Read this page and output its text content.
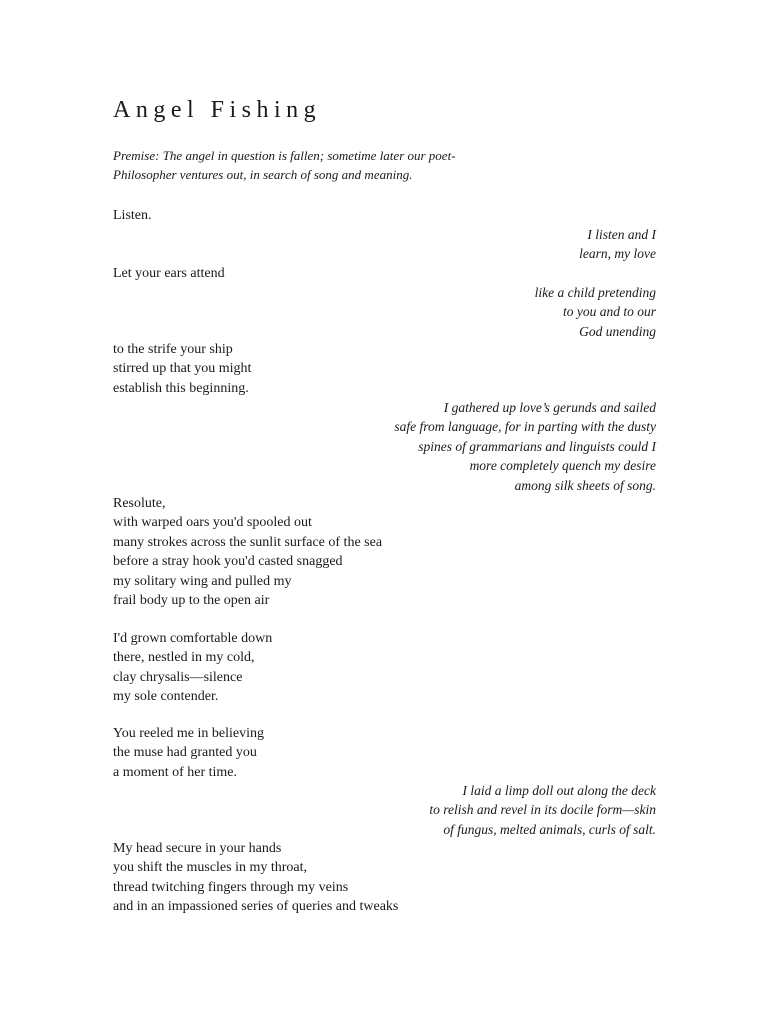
Angel Fishing
Premise: The angel in question is fallen; sometime later our poet-
Philosopher ventures out, in search of song and meaning.
Listen.
I listen and I
learn, my love
Let your ears attend
like a child pretending
to you and to our
God unending
to the strife your ship
stirred up that you might
establish this beginning.
I gathered up love’s gerunds and sailed
safe from language, for in parting with the dusty
spines of grammarians and linguists could I
more completely quench my desire
among silk sheets of song.
Resolute,
with warped oars you'd spooled out
many strokes across the sunlit surface of the sea
before a stray hook you'd casted snagged
my solitary wing and pulled my
frail body up to the open air
I'd grown comfortable down
there, nestled in my cold,
clay chrysalis—silence
my sole contender.
You reeled me in believing
the muse had granted you
a moment of her time.
I laid a limp doll out along the deck
to relish and revel in its docile form—skin
of fungus, melted animals, curls of salt.
My head secure in your hands
you shift the muscles in my throat,
thread twitching fingers through my veins
and in an impassioned series of queries and tweaks
